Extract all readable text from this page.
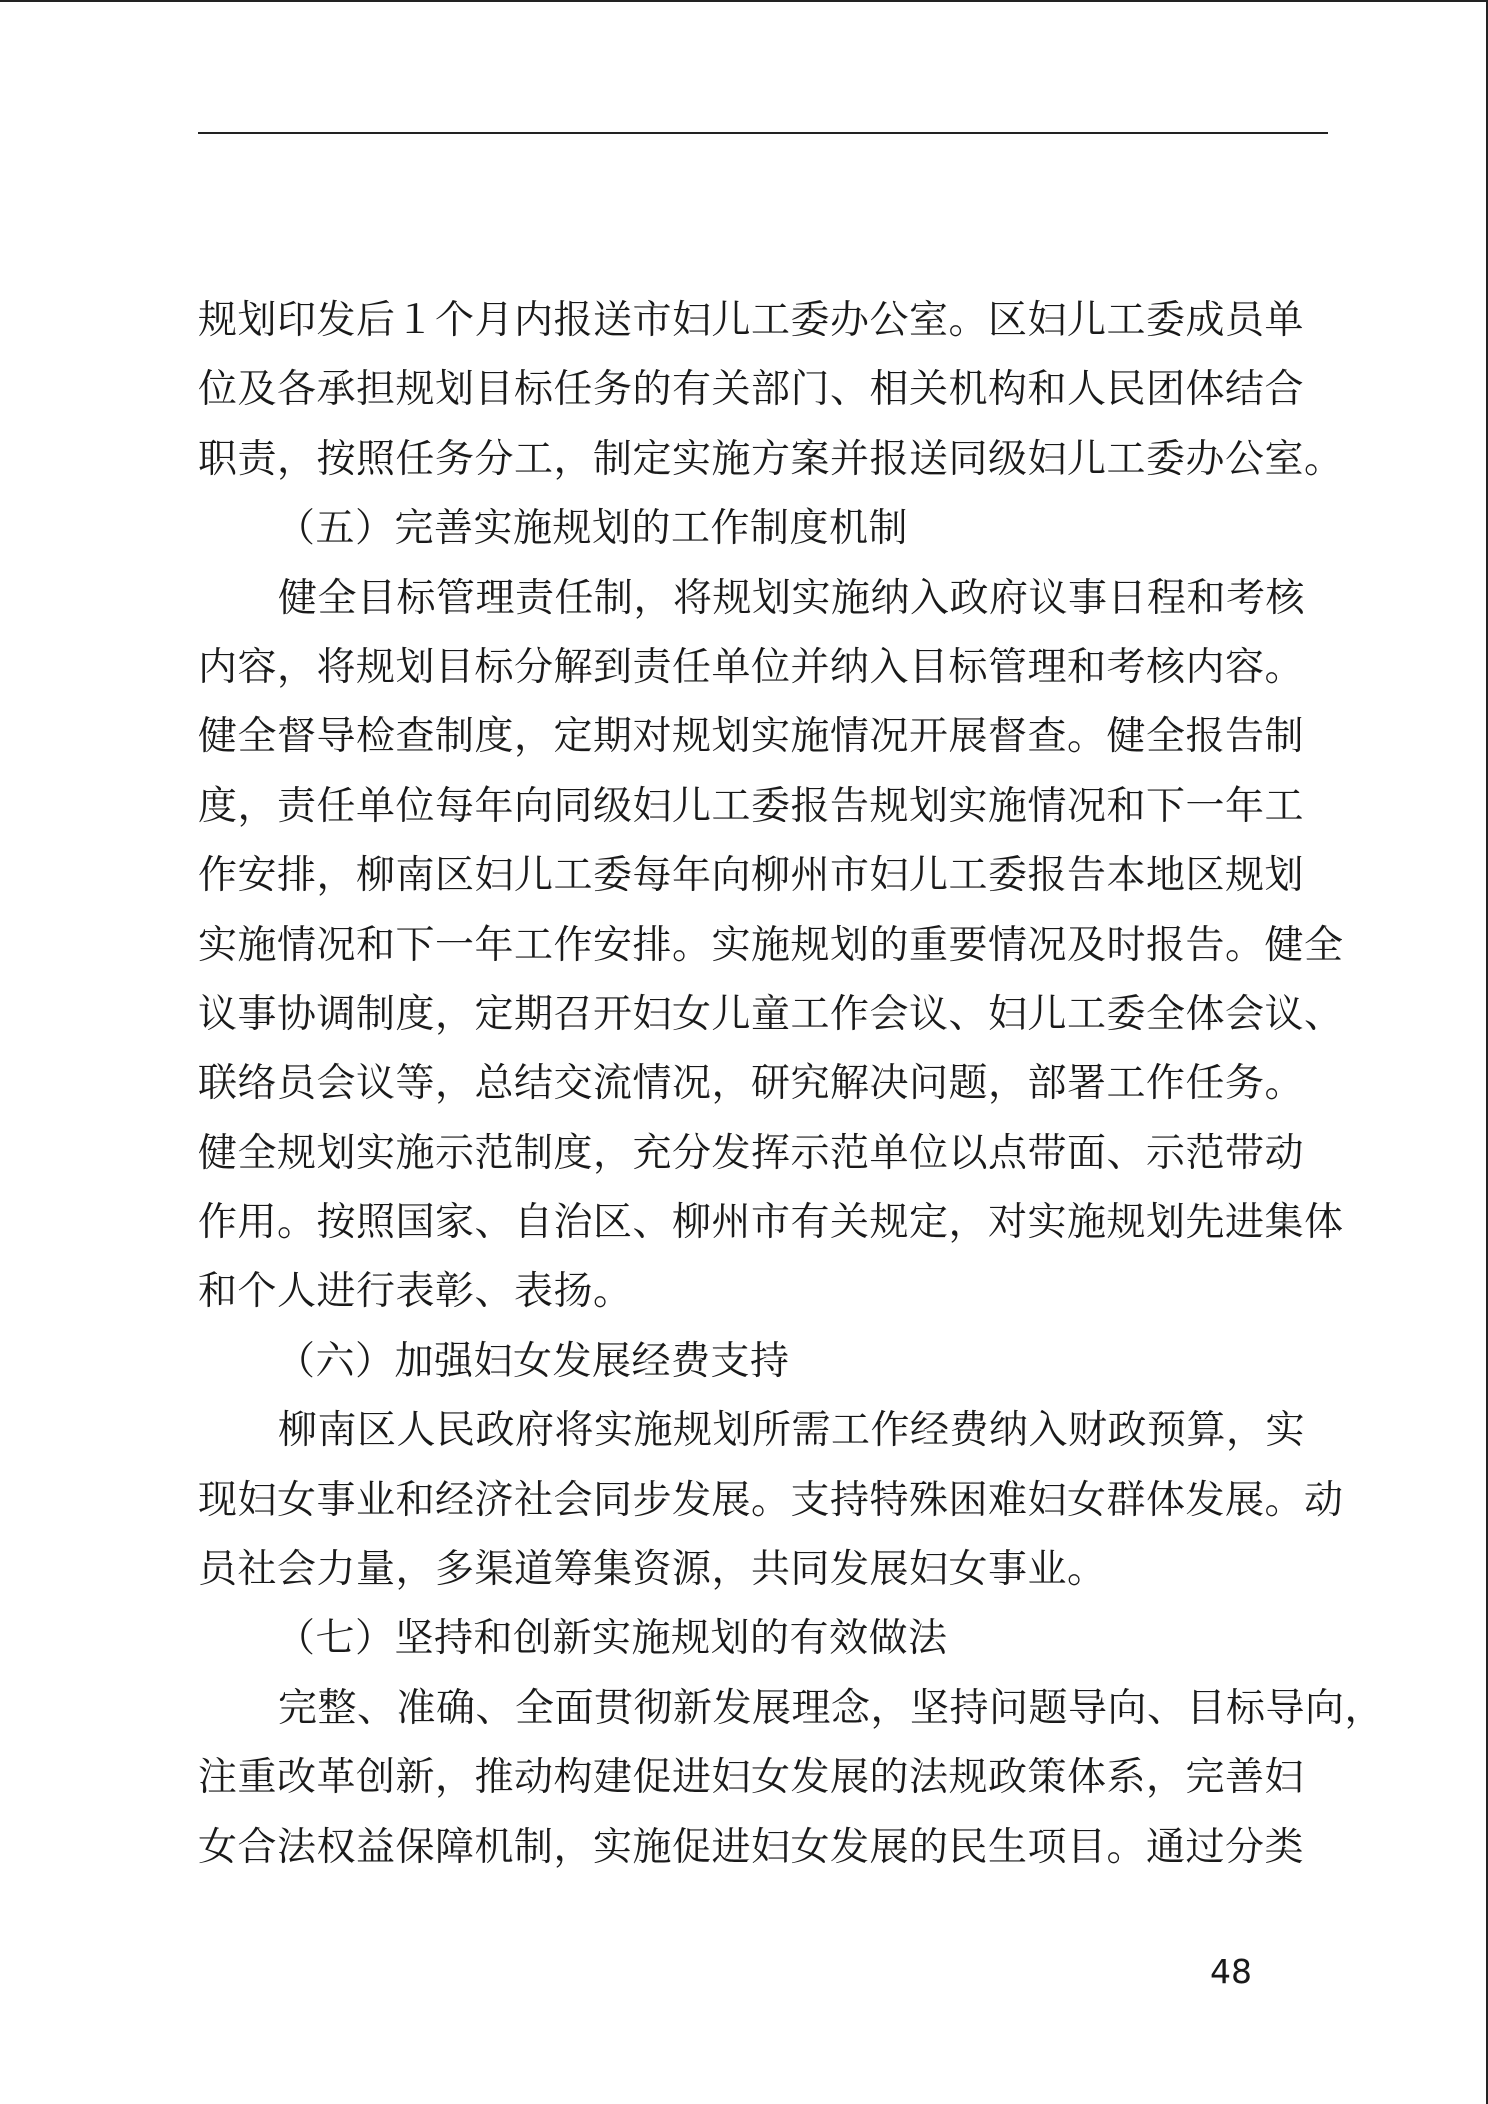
规划印发后１个月内报送市妇儿工委办公室。区妇儿工委成员单
位及各承担规划目标任务的有关部门、相关机构和人民团体结合
职责，按照任务分工，制定实施方案并报送同级妇儿工委办公室。
（五）完善实施规划的工作制度机制
健全目标管理责任制，将规划实施纳入政府议事日程和考核
内容，将规划目标分解到责任单位并纳入目标管理和考核内容。
健全督导检查制度，定期对规划实施情况开展督查。健全报告制
度，责任单位每年向同级妇儿工委报告规划实施情况和下一年工
作安排，柳南区妇儿工委每年向柳州市妇儿工委报告本地区规划
实施情况和下一年工作安排。实施规划的重要情况及时报告。健全
议事协调制度，定期召开妇女儿童工作会议、妇儿工委全体会议、
联络员会议等，总结交流情况，研究解决问题，部署工作任务。
健全规划实施示范制度，充分发挥示范单位以点带面、示范带动
作用。按照国家、自治区、柳州市有关规定，对实施规划先进集体
和个人进行表彰、表扬。
（六）加强妇女发展经费支持
柳南区人民政府将实施规划所需工作经费纳入财政预算，实
现妇女事业和经济社会同步发展。支持特殊困难妇女群体发展。动
员社会力量，多渠道筹集资源，共同发展妇女事业。
（七）坚持和创新实施规划的有效做法
完整、准确、全面贯彻新发展理念，坚持问题导向、目标导向，
注重改革创新，推动构建促进妇女发展的法规政策体系，完善妇
女合法权益保障机制，实施促进妇女发展的民生项目。通过分类
48
